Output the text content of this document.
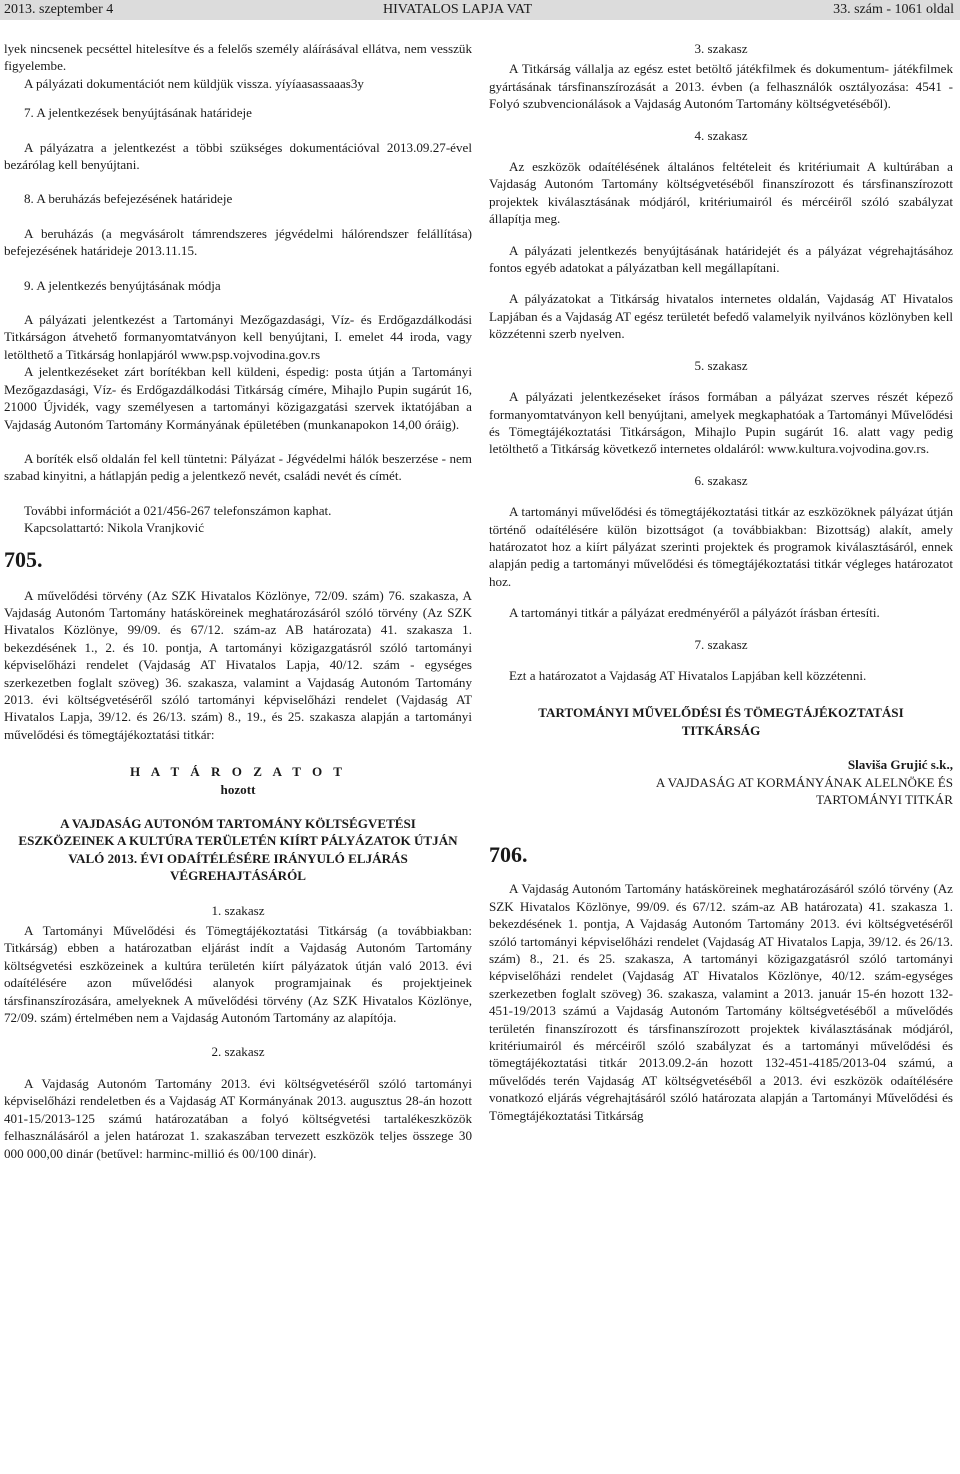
2013. szeptember 4	HIVATALOS LAPJA VAT	33. szám - 1061 oldal

lyek nincsenek pecséttel hitelesítve és a felelős személy aláírásával ellátva, nem vesszük figyelembe.

A pályázati dokumentációt nem küldjük vissza. yíyíaasassaaas3y

7. A jelentkezések benyújtásának határideje

A pályázatra a jelentkezést a többi szükséges dokumentációval 2013.09.27-ével bezárólag kell benyújtani.

8. A beruházás befejezésének határideje

A beruházás (a megvásárolt támrendszeres jégvédelmi hálórendszer felállítása) befejezésének határideje 2013.11.15.

9. A jelentkezés benyújtásának módja

A pályázati jelentkezést a Tartományi Mezőgazdasági, Víz- és Erdőgazdálkodási Titkárságon átvehető formanyomtatványon kell benyújtani, I. emelet 44 iroda, vagy letölthető a Titkárság honlapjáról www.psp.vojvodina.gov.rs

A jelentkezéseket zárt borítékban kell küldeni, éspedig: posta útján a Tartományi Mezőgazdasági, Víz- és Erdőgazdálkodási Titkárság címére, Mihajlo Pupin sugárút 16, 21000 Újvidék, vagy személyesen a tartományi közigazgatási szervek iktatójában a Vajdaság Autonóm Tartomány Kormányának épületében (munkanapokon 14,00 óráig).

A boríték első oldalán fel kell tüntetni: Pályázat - Jégvédelmi hálók beszerzése - nem szabad kinyitni, a hátlapján pedig a jelentkező nevét, családi nevét és címét.

További információt a 021/456-267 telefonszámon kaphat.

Kapcsolattartó: Nikola Vranjković

705.

A művelődési törvény (Az SZK Hivatalos Közlönye, 72/09. szám) 76. szakasza, A Vajdaság Autonóm Tartomány hatásköreinek meghatározásáról szóló törvény (Az SZK Hivatalos Közlönye, 99/09. és 67/12. szám-az AB határozata) 41. szakasza 1. bekezdésének 1., 2. és 10. pontja, A tartományi közigazgatásról szóló tartományi képviselőházi rendelet (Vajdaság AT Hivatalos Lapja, 40/12. szám - egységes szerkezetben foglalt szöveg) 36. szakasza, valamint a Vajdaság Autonóm Tartomány 2013. évi költségvetéséről szóló tartományi képviselőházi rendelet (Vajdaság AT Hivatalos Lapja, 39/12. és 26/13. szám) 8., 19., és 25. szakasza alapján a tartományi művelődési és tömegtájékoztatási titkár:

H A T Á R O Z A T O T

hozott

A VAJDASÁG AUTONÓM TARTOMÁNY KÖLTSÉGVETÉSI ESZKÖZEINEK A KULTÚRA TERÜLETÉN KIÍRT PÁLYÁZATOK ÚTJÁN VALÓ 2013. ÉVI ODAÍTÉLÉSÉRE IRÁNYULÓ ELJÁRÁS VÉGREHAJTÁSÁRÓL

1. szakasz

A Tartományi Művelődési és Tömegtájékoztatási Titkárság (a továbbiakban: Titkárság) ebben a határozatban eljárást indít a Vajdaság Autonóm Tartomány költségvetési eszközeinek a kultúra területén kiírt pályázatok útján való 2013. évi odaítélésére azon művelődési alanyok programjainak és projektjeinek társfinanszírozására, amelyeknek A művelődési törvény (Az SZK Hivatalos Közlönye, 72/09. szám) értelmében nem a Vajdaság Autonóm Tartomány az alapítója.

2. szakasz

A Vajdaság Autonóm Tartomány 2013. évi költségvetéséről szóló tartományi képviselőházi rendeletben és a Vajdaság AT Kormányának 2013. augusztus 28-án hozott 401-15/2013-125 számú határozatában a folyó költségvetési tartalékeszközök felhasználásáról a jelen határozat 1. szakaszában tervezett eszközök teljes összege 30 000 000,00 dinár (betűvel: harminc-millió és 00/100 dinár).

3. szakasz

A Titkárság vállalja az egész estet betöltő játékfilmek és dokumentum- játékfilmek gyártásának társfinanszírozását a 2013. évben (a felhasználók osztályozása: 4541 - Folyó szubvencionálások a Vajdaság Autonóm Tartomány költségvetéséből).

4. szakasz

Az eszközök odaítélésének általános feltételeit és kritériumait A kultúrában a Vajdaság Autonóm Tartomány költségvetéséből finanszírozott és társfinanszírozott projektek kiválasztásának módjáról, kritériumairól és mércéiről szóló szabályzat állapítja meg.

A pályázati jelentkezés benyújtásának határidejét és a pályázat végrehajtásához fontos egyéb adatokat a pályázatban kell megállapítani.

A pályázatokat a Titkárság hivatalos internetes oldalán, Vajdaság AT Hivatalos Lapjában és a Vajdaság AT egész területét befedő valamelyik nyilvános közlönyben kell közzétenni szerb nyelven.

5. szakasz

A pályázati jelentkezéseket írásos formában a pályázat szerves részét képező formanyomtatványon kell benyújtani, amelyek megkaphatóak a Tartományi Művelődési és Tömegtájékoztatási Titkárságon, Mihajlo Pupin sugárút 16. alatt vagy pedig letölthető a Titkárság következő internetes oldaláról: www.kultura.vojvodina.gov.rs.

6. szakasz

A tartományi művelődési és tömegtájékoztatási titkár az eszközöknek pályázat útján történő odaítélésére külön bizottságot (a továbbiakban: Bizottság) alakít, amely határozatot hoz a kiírt pályázat szerinti projektek és programok kiválasztásáról, ennek alapján pedig a tartományi művelődési és tömegtájékoztatási titkár végleges határozatot hoz.

A tartományi titkár a pályázat eredményéről a pályázót írásban értesíti.

7. szakasz

Ezt a határozatot a Vajdaság AT Hivatalos Lapjában kell közzétenni.

TARTOMÁNYI MŰVELŐDÉSI ÉS TÖMEGTÁJÉKOZTATÁSI TITKÁRSÁG

Slaviša Grujić s.k.,

A VAJDASÁG AT KORMÁNYÁNAK ALELNÖKE ÉS

TARTOMÁNYI TITKÁR

706.

A Vajdaság Autonóm Tartomány hatásköreinek meghatározásáról szóló törvény (Az SZK Hivatalos Közlönye, 99/09. és 67/12. szám-az AB határozata) 41. szakasza 1. bekezdésének 1. pontja, A Vajdaság Autonóm Tartomány 2013. évi költségvetéséről szóló tartományi képviselőházi rendelet (Vajdaság AT Hivatalos Lapja, 39/12. és 26/13. szám) 8., 21. és 25. szakasza, A tartományi közigazgatásról szóló tartományi képviselőházi rendelet (Vajdaság AT Hivatalos Közlönye, 40/12. szám-egységes szerkezetben foglalt szöveg) 36. szakasza, valamint a 2013. január 15-én hozott 132-451-19/2013 számú a Vajdaság Autonóm Tartomány költségvetéséből a művelődés területén finanszírozott és társfinanszírozott projektek kiválasztásának módjáról, kritériumairól és mércéiről szóló szabályzat és a tartományi művelődési és tömegtájékoztatási titkár 2013.09.2-án hozott 132-451-4185/2013-04 számú, a művelődés terén Vajdaság AT költségvetéséből a 2013. évi eszközök odaítélésére vonatkozó eljárás végrehajtásáról szóló határozata alapján a Tartományi Művelődési és Tömegtájékoztatási Titkárság
